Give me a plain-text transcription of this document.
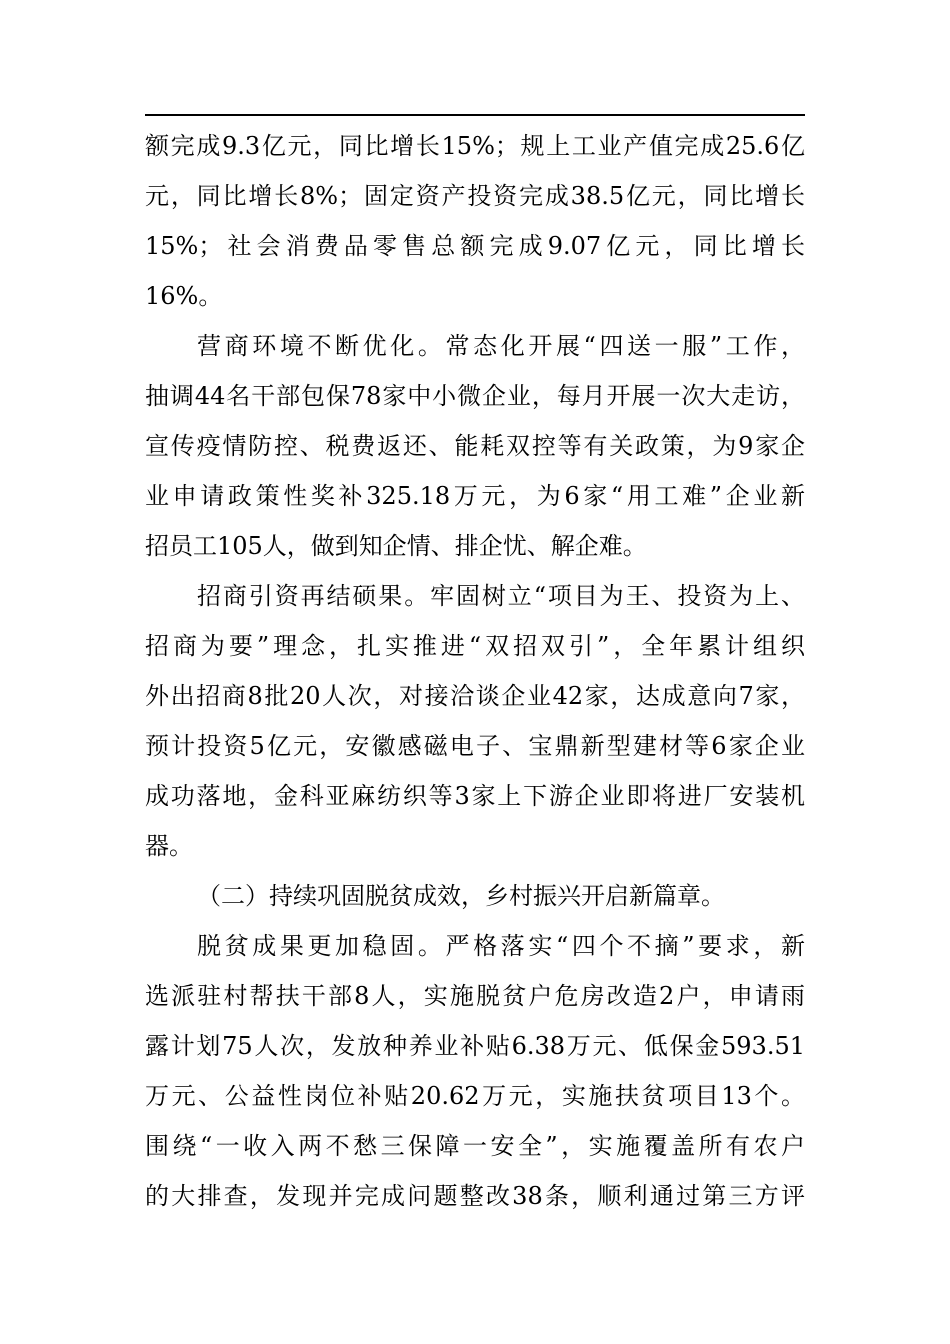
额完成9.3亿元，同比增长15%；规上工业产值完成25.6亿
元，同比增长8%；固定资产投资完成38.5亿元，同比增长
15%；社会消费品零售总额完成9.07亿元，同比增长
16%。

营商环境不断优化。常态化开展“四送一服”工作，
抽调44名干部包保78家中小微企业，每月开展一次大走访，
宣传疫情防控、税费返还、能耗双控等有关政策，为9家企
业申请政策性奖补325.18万元，为6家“用工难”企业新
招员工105人，做到知企情、排企忧、解企难。

招商引资再结硕果。牢固树立“项目为王、投资为上、
招商为要”理念，扎实推进“双招双引”，全年累计组织
外出招商8批20人次，对接洽谈企业42家，达成意向7家，
预计投资5亿元，安徽感磁电子、宝鼎新型建材等6家企业
成功落地，金科亚麻纺织等3家上下游企业即将进厂安装机
器。

（二）持续巩固脱贫成效，乡村振兴开启新篇章。

脱贫成果更加稳固。严格落实“四个不摘”要求，新
选派驻村帮扶干部8人，实施脱贫户危房改造2户，申请雨
露计划75人次，发放种养业补贴6.38万元、低保金593.51
万元、公益性岗位补贴20.62万元，实施扶贫项目13个。
围绕“一收入两不愁三保障一安全”，实施覆盖所有农户
的大排查，发现并完成问题整改38条，顺利通过第三方评
